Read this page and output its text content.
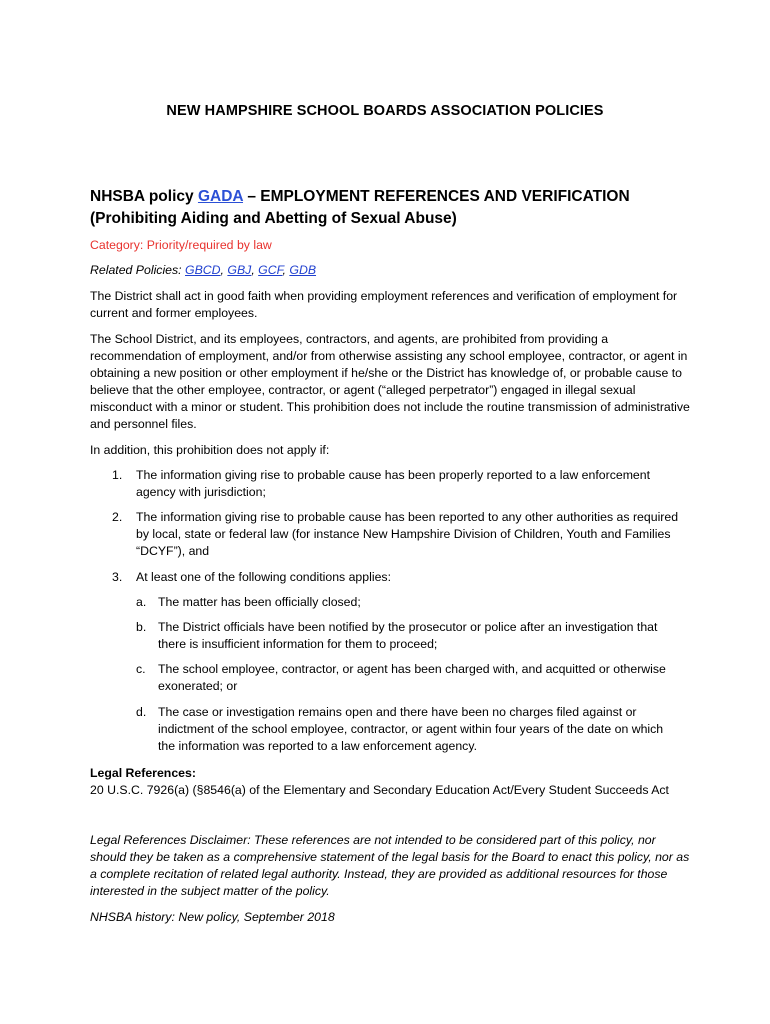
NEW HAMPSHIRE SCHOOL BOARDS ASSOCIATION POLICIES
NHSBA policy GADA – EMPLOYMENT REFERENCES AND VERIFICATION
(Prohibiting Aiding and Abetting of Sexual Abuse)
Category: Priority/required by law
Related Policies: GBCD, GBJ, GCF, GDB
The District shall act in good faith when providing employment references and verification of employment for current and former employees.
The School District, and its employees, contractors, and agents, are prohibited from providing a recommendation of employment, and/or from otherwise assisting any school employee, contractor, or agent in obtaining a new position or other employment if he/she or the District has knowledge of, or probable cause to believe that the other employee, contractor, or agent (“alleged perpetrator”) engaged in illegal sexual misconduct with a minor or student. This prohibition does not include the routine transmission of administrative and personnel files.
In addition, this prohibition does not apply if:
1.	The information giving rise to probable cause has been properly reported to a law enforcement agency with jurisdiction;
2.	The information giving rise to probable cause has been reported to any other authorities as required by local, state or federal law (for instance New Hampshire Division of Children, Youth and Families “DCYF”), and
3.	At least one of the following conditions applies:
a. The matter has been officially closed;
b. The District officials have been notified by the prosecutor or police after an investigation that there is insufficient information for them to proceed;
c.	The school employee, contractor, or agent has been charged with, and acquitted or otherwise exonerated; or
d. The case or investigation remains open and there have been no charges filed against or indictment of the school employee, contractor, or agent within four years of the date on which the information was reported to a law enforcement agency.
Legal References:
20 U.S.C. 7926(a) (§8546(a) of the Elementary and Secondary Education Act/Every Student Succeeds Act
Legal References Disclaimer: These references are not intended to be considered part of this policy, nor should they be taken as a comprehensive statement of the legal basis for the Board to enact this policy, nor as a complete recitation of related legal authority. Instead, they are provided as additional resources for those interested in the subject matter of the policy.
NHSBA history: New policy, September 2018
